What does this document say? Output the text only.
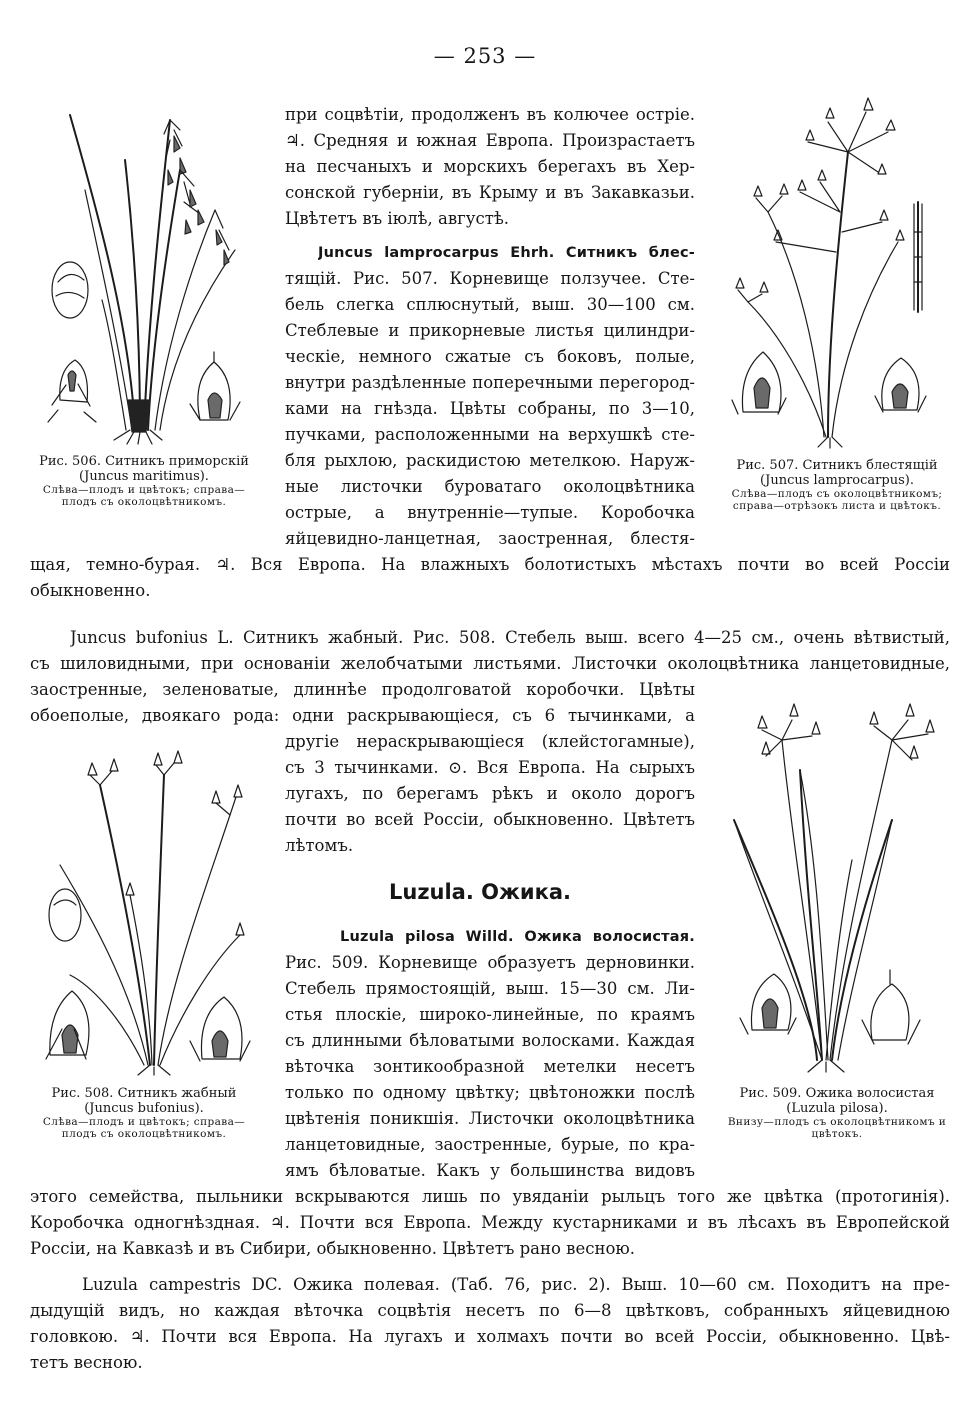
— 253 —
Рис. 506. Ситникъ приморскій
(Juncus maritimus).
Слѣва—плодъ и цвѣтокъ; справа—
плодъ съ околоцвѣтникомъ.
Рис. 507. Ситникъ блестящій
(Juncus lamprocarpus).
Слѣва—плодъ съ околоцвѣтникомъ;
справа—отрѣзокъ листа и цвѣтокъ.
при соцвѣтіи, продолженъ въ колючее остріе.
♃. Средняя и южная Европа. Произрастаетъ
на песчаныхъ и морскихъ берегахъ въ Хер-
сонской губерніи, въ Крыму и въ Закавказьи.
Цвѣтетъ въ іюлѣ, августѣ.
Juncus lamprocarpus Ehrh. Ситникъ блес-
тящій. Рис. 507. Корневище ползучее. Сте-
бель слегка сплюснутый, выш. 30—100 см.
Стеблевые и прикорневые листья цилиндри-
ческіе, немного сжатые съ боковъ, полые,
внутри раздѣленные поперечными перегород-
ками на гнѣзда. Цвѣты собраны, по 3—10,
пучками, расположенными на верхушкѣ сте-
бля рыхлою, раскидистою метелкою. Наруж-
ные листочки буроватаго околоцвѣтника
острые, а внутренніе—тупые. Коробочка
яйцевидно-ланцетная, заостренная, блестя-
щая, темно-бурая. ♃. Вся Европа. На влажныхъ болотистыхъ мѣстахъ почти во всей Россіи
обыкновенно.
Juncus bufonius L. Ситникъ жабный. Рис. 508. Стебель выш. всего 4—25 см., очень вѣтвистый,
съ шиловидными, при основаніи желобчатыми листьями. Листочки околоцвѣтника ланцетовидные,
заостренные, зеленоватые, длиннѣе продолговатой коробочки. Цвѣты
обоеполые, двоякаго рода: одни раскрывающіеся, съ 6 тычинками, а
другіе нераскрывающіеся (клейстогамные),
съ 3 тычинками. ⊙. Вся Европа. На сырыхъ
лугахъ, по берегамъ рѣкъ и около дорогъ
почти во всей Россіи, обыкновенно. Цвѣтетъ
лѣтомъ.
Рис. 508. Ситникъ жабный
(Juncus bufonius).
Слѣва—плодъ и цвѣтокъ; справа—
плодъ съ околоцвѣтникомъ.
Рис. 509. Ожика волосистая
(Luzula pilosa).
Внизу—плодъ съ околоцвѣтникомъ и
цвѣтокъ.
Luzula. Ожика.
Luzula pilosa Willd. Ожика волосистая.
Рис. 509. Корневище образуетъ дерновинки.
Стебель прямостоящій, выш. 15—30 см. Ли-
стья плоскіе, широко-линейные, по краямъ
съ длинными бѣловатыми волосками. Каждая
вѣточка зонтикообразной метелки несетъ
только по одному цвѣтку; цвѣтоножки послѣ
цвѣтенія поникшія. Листочки околоцвѣтника
ланцетовидные, заостренные, бурые, по кра-
ямъ бѣловатые. Какъ у большинства видовъ
этого семейства, пыльники вскрываются лишь по увяданіи рыльцъ того же цвѣтка (протогинія).
Коробочка одногнѣздная. ♃. Почти вся Европа. Между кустарниками и въ лѣсахъ въ Европейской
Россіи, на Кавказѣ и въ Сибири, обыкновенно. Цвѣтетъ рано весною.
Luzula campestris DC. Ожика полевая. (Таб. 76, рис. 2). Выш. 10—60 см. Походитъ на пре-
дыдущій видъ, но каждая вѣточка соцвѣтія несетъ по 6—8 цвѣтковъ, собранныхъ яйцевидною
головкою. ♃. Почти вся Европа. На лугахъ и холмахъ почти во всей Россіи, обыкновенно. Цвѣ-
тетъ весною.
